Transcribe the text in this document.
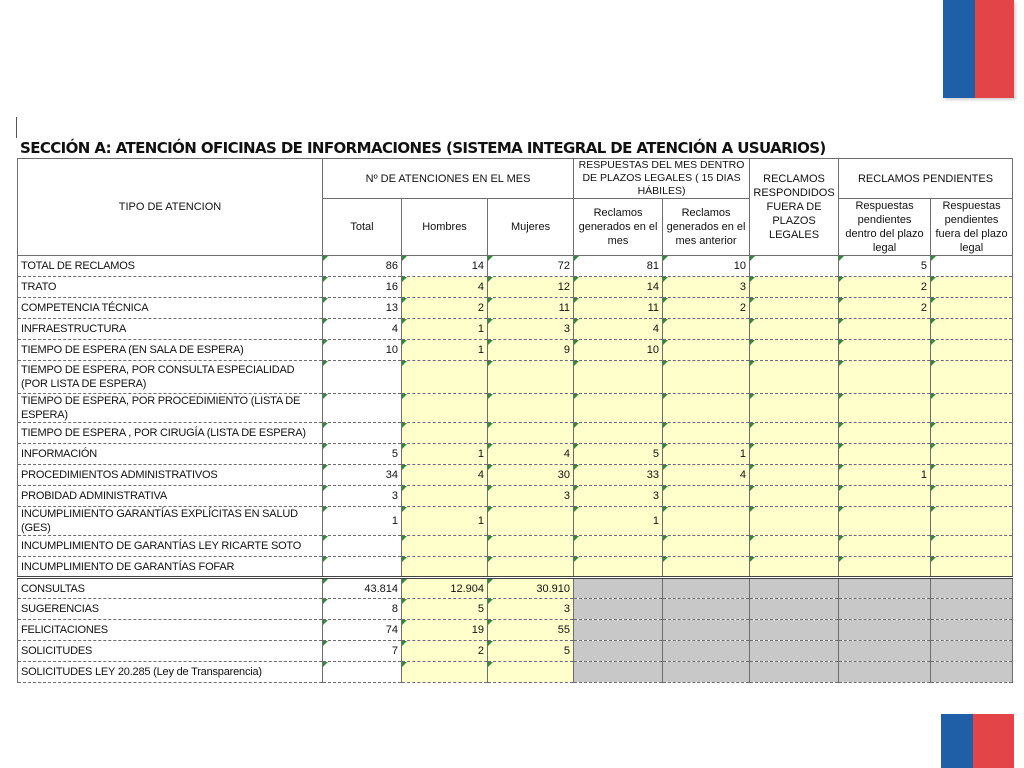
SECCIÓN A: ATENCIÓN OFICINAS DE INFORMACIONES (SISTEMA INTEGRAL DE ATENCIÓN A USUARIOS)
TIPO DE ATENCION	Nº DE ATENCIONES EN EL MES			RESPUESTAS DEL MES DENTRO DE PLAZOS LEGALES ( 15 DIAS HÁBILES)		RECLAMOS RESPONDIDOS FUERA DE PLAZOS LEGALES	RECLAMOS PENDIENTES	
	Total	Hombres	Mujeres	Reclamos generados en el mes	Reclamos generados en el mes anterior		Respuestas pendientes dentro del plazo legal	Respuestas pendientes fuera del plazo legal
TOTAL DE RECLAMOS	86	14	72	81	10		5	
TRATO	16	4	12	14	3		2	
COMPETENCIA TÉCNICA	13	2	11	11	2		2	
INFRAESTRUCTURA	4	1	3	4				
TIEMPO DE ESPERA (EN SALA DE ESPERA)	10	1	9	10				
TIEMPO DE ESPERA, POR CONSULTA ESPECIALIDAD (POR LISTA DE ESPERA)								
TIEMPO DE ESPERA, POR PROCEDIMIENTO (LISTA DE ESPERA)								
TIEMPO DE ESPERA , POR CIRUGÍA (LISTA DE ESPERA)								
INFORMACIÓN	5	1	4	5	1			
PROCEDIMIENTOS ADMINISTRATIVOS	34	4	30	33	4		1	
PROBIDAD ADMINISTRATIVA	3		3	3				
INCUMPLIMIENTO GARANTÍAS EXPLÍCITAS EN SALUD (GES)	1	1		1				
INCUMPLIMIENTO DE GARANTÍAS LEY RICARTE SOTO								
INCUMPLIMIENTO DE GARANTÍAS FOFAR								
CONSULTAS	43.814	12.904	30.910					
SUGERENCIAS	8	5	3					
FELICITACIONES	74	19	55					
SOLICITUDES	7	2	5					
SOLICITUDES LEY 20.285 (Ley de Transparencia)								
